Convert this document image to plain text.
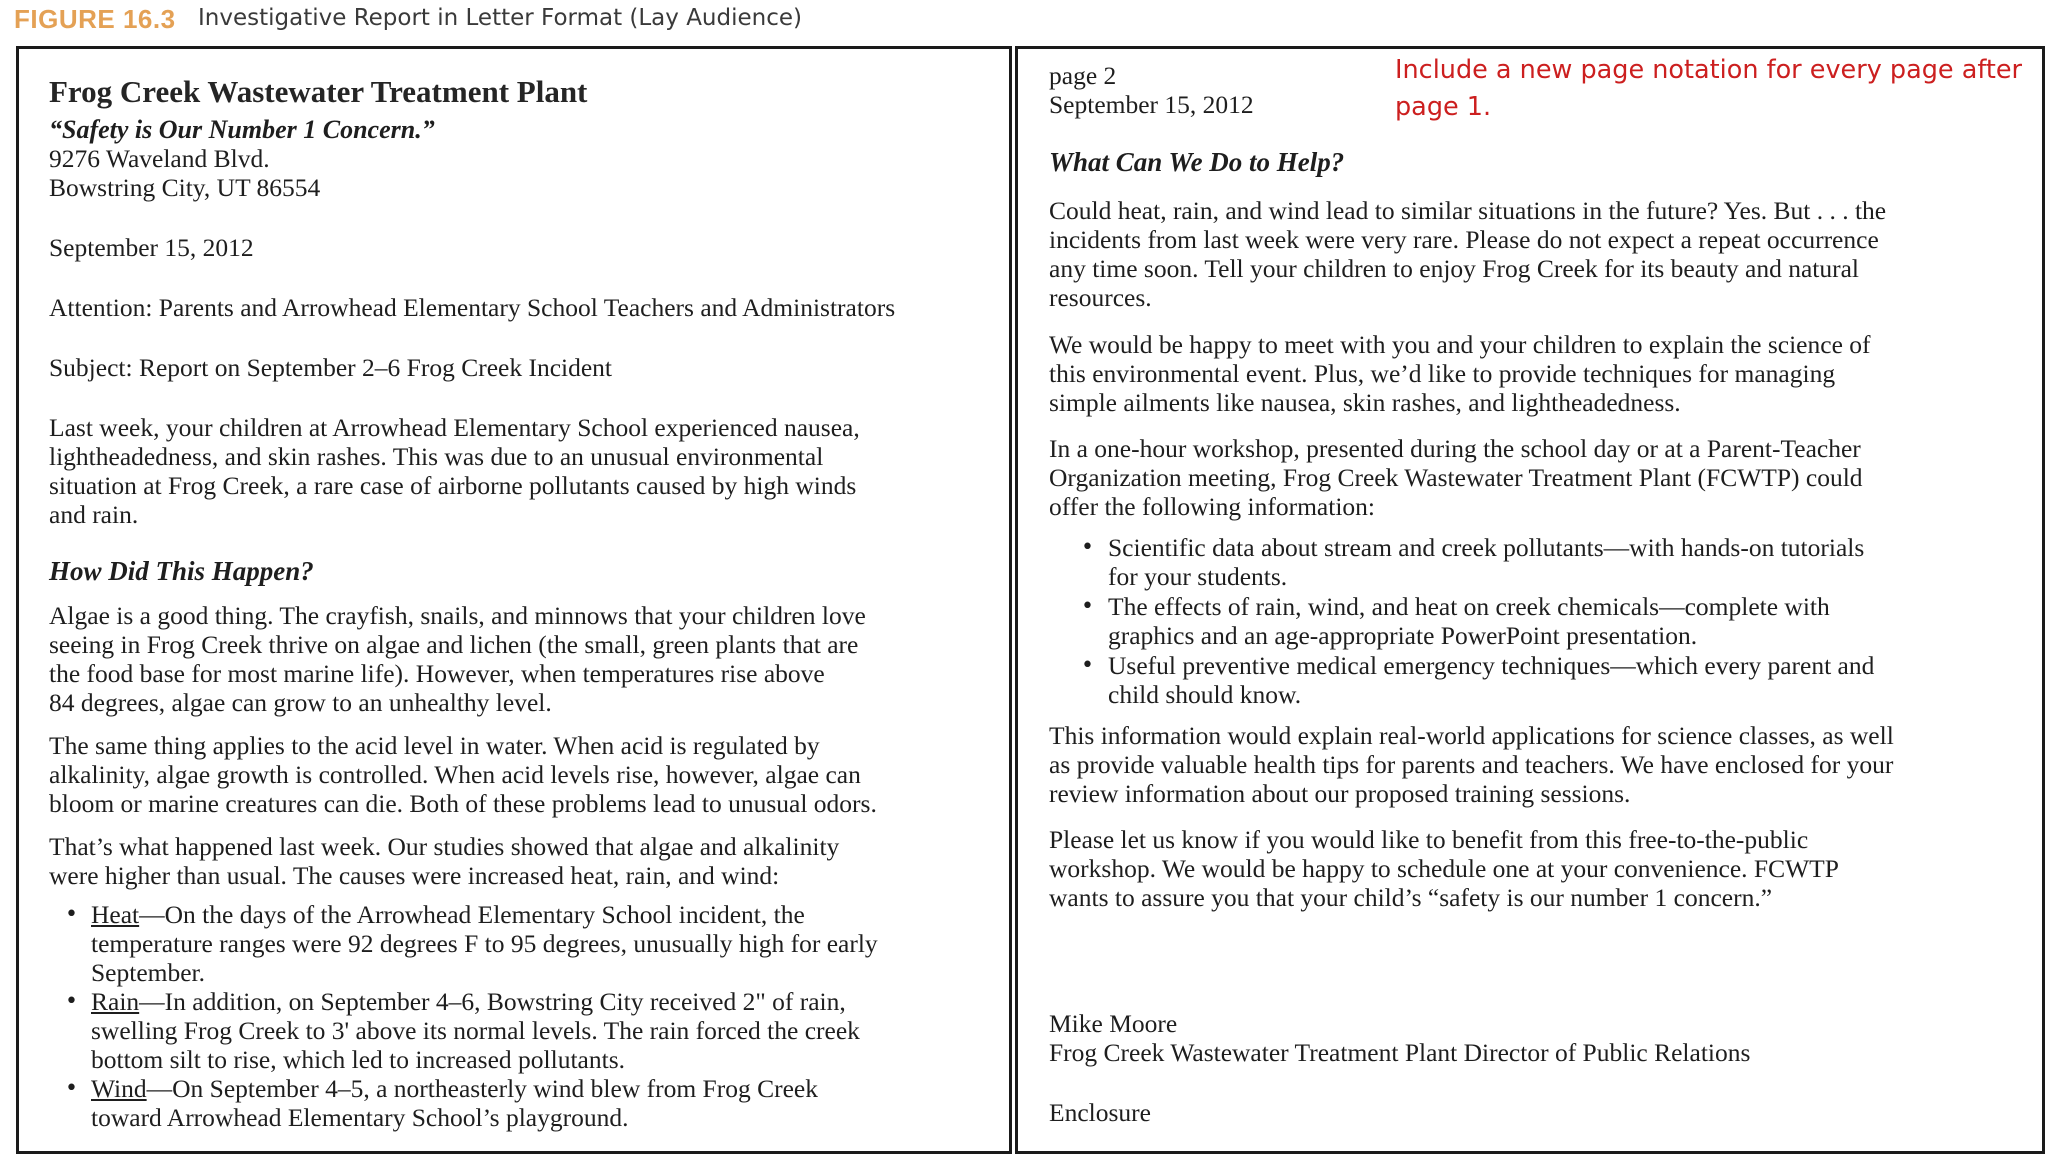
FIGURE 16.3 Investigative Report in Letter Format (Lay Audience)
Frog Creek Wastewater Treatment Plant
“Safety is Our Number 1 Concern.”
9276 Waveland Blvd.
Bowstring City, UT 86554
September 15, 2012
Attention: Parents and Arrowhead Elementary School Teachers and Administrators
Subject: Report on September 2–6 Frog Creek Incident
Last week, your children at Arrowhead Elementary School experienced nausea,
lightheadedness, and skin rashes. This was due to an unusual environmental
situation at Frog Creek, a rare case of airborne pollutants caused by high winds
and rain.
How Did This Happen?
Algae is a good thing. The crayfish, snails, and minnows that your children love
seeing in Frog Creek thrive on algae and lichen (the small, green plants that are
the food base for most marine life). However, when temperatures rise above
84 degrees, algae can grow to an unhealthy level.
The same thing applies to the acid level in water. When acid is regulated by
alkalinity, algae growth is controlled. When acid levels rise, however, algae can
bloom or marine creatures can die. Both of these problems lead to unusual odors.
That’s what happened last week. Our studies showed that algae and alkalinity
were higher than usual. The causes were increased heat, rain, and wind:
• Heat—On the days of the Arrowhead Elementary School incident, the
temperature ranges were 92 degrees F to 95 degrees, unusually high for early
September.
• Rain—In addition, on September 4–6, Bowstring City received 2" of rain,
swelling Frog Creek to 3' above its normal levels. The rain forced the creek
bottom silt to rise, which led to increased pollutants.
• Wind—On September 4–5, a northeasterly wind blew from Frog Creek
toward Arrowhead Elementary School’s playground.
page 2
September 15, 2012
What Can We Do to Help?
Could heat, rain, and wind lead to similar situations in the future? Yes. But . . . the
incidents from last week were very rare. Please do not expect a repeat occurrence
any time soon. Tell your children to enjoy Frog Creek for its beauty and natural
resources.
We would be happy to meet with you and your children to explain the science of
this environmental event. Plus, we’d like to provide techniques for managing
simple ailments like nausea, skin rashes, and lightheadedness.
In a one-hour workshop, presented during the school day or at a Parent-Teacher
Organization meeting, Frog Creek Wastewater Treatment Plant (FCWTP) could
offer the following information:
• Scientific data about stream and creek pollutants—with hands-on tutorials
for your students.
• The effects of rain, wind, and heat on creek chemicals—complete with
graphics and an age-appropriate PowerPoint presentation.
• Useful preventive medical emergency techniques—which every parent and
child should know.
This information would explain real-world applications for science classes, as well
as provide valuable health tips for parents and teachers. We have enclosed for your
review information about our proposed training sessions.
Please let us know if you would like to benefit from this free-to-the-public
workshop. We would be happy to schedule one at your convenience. FCWTP
wants to assure you that your child’s “safety is our number 1 concern.”
Mike Moore
Frog Creek Wastewater Treatment Plant Director of Public Relations
Enclosure
Include a new page notation for every page after page 1.
